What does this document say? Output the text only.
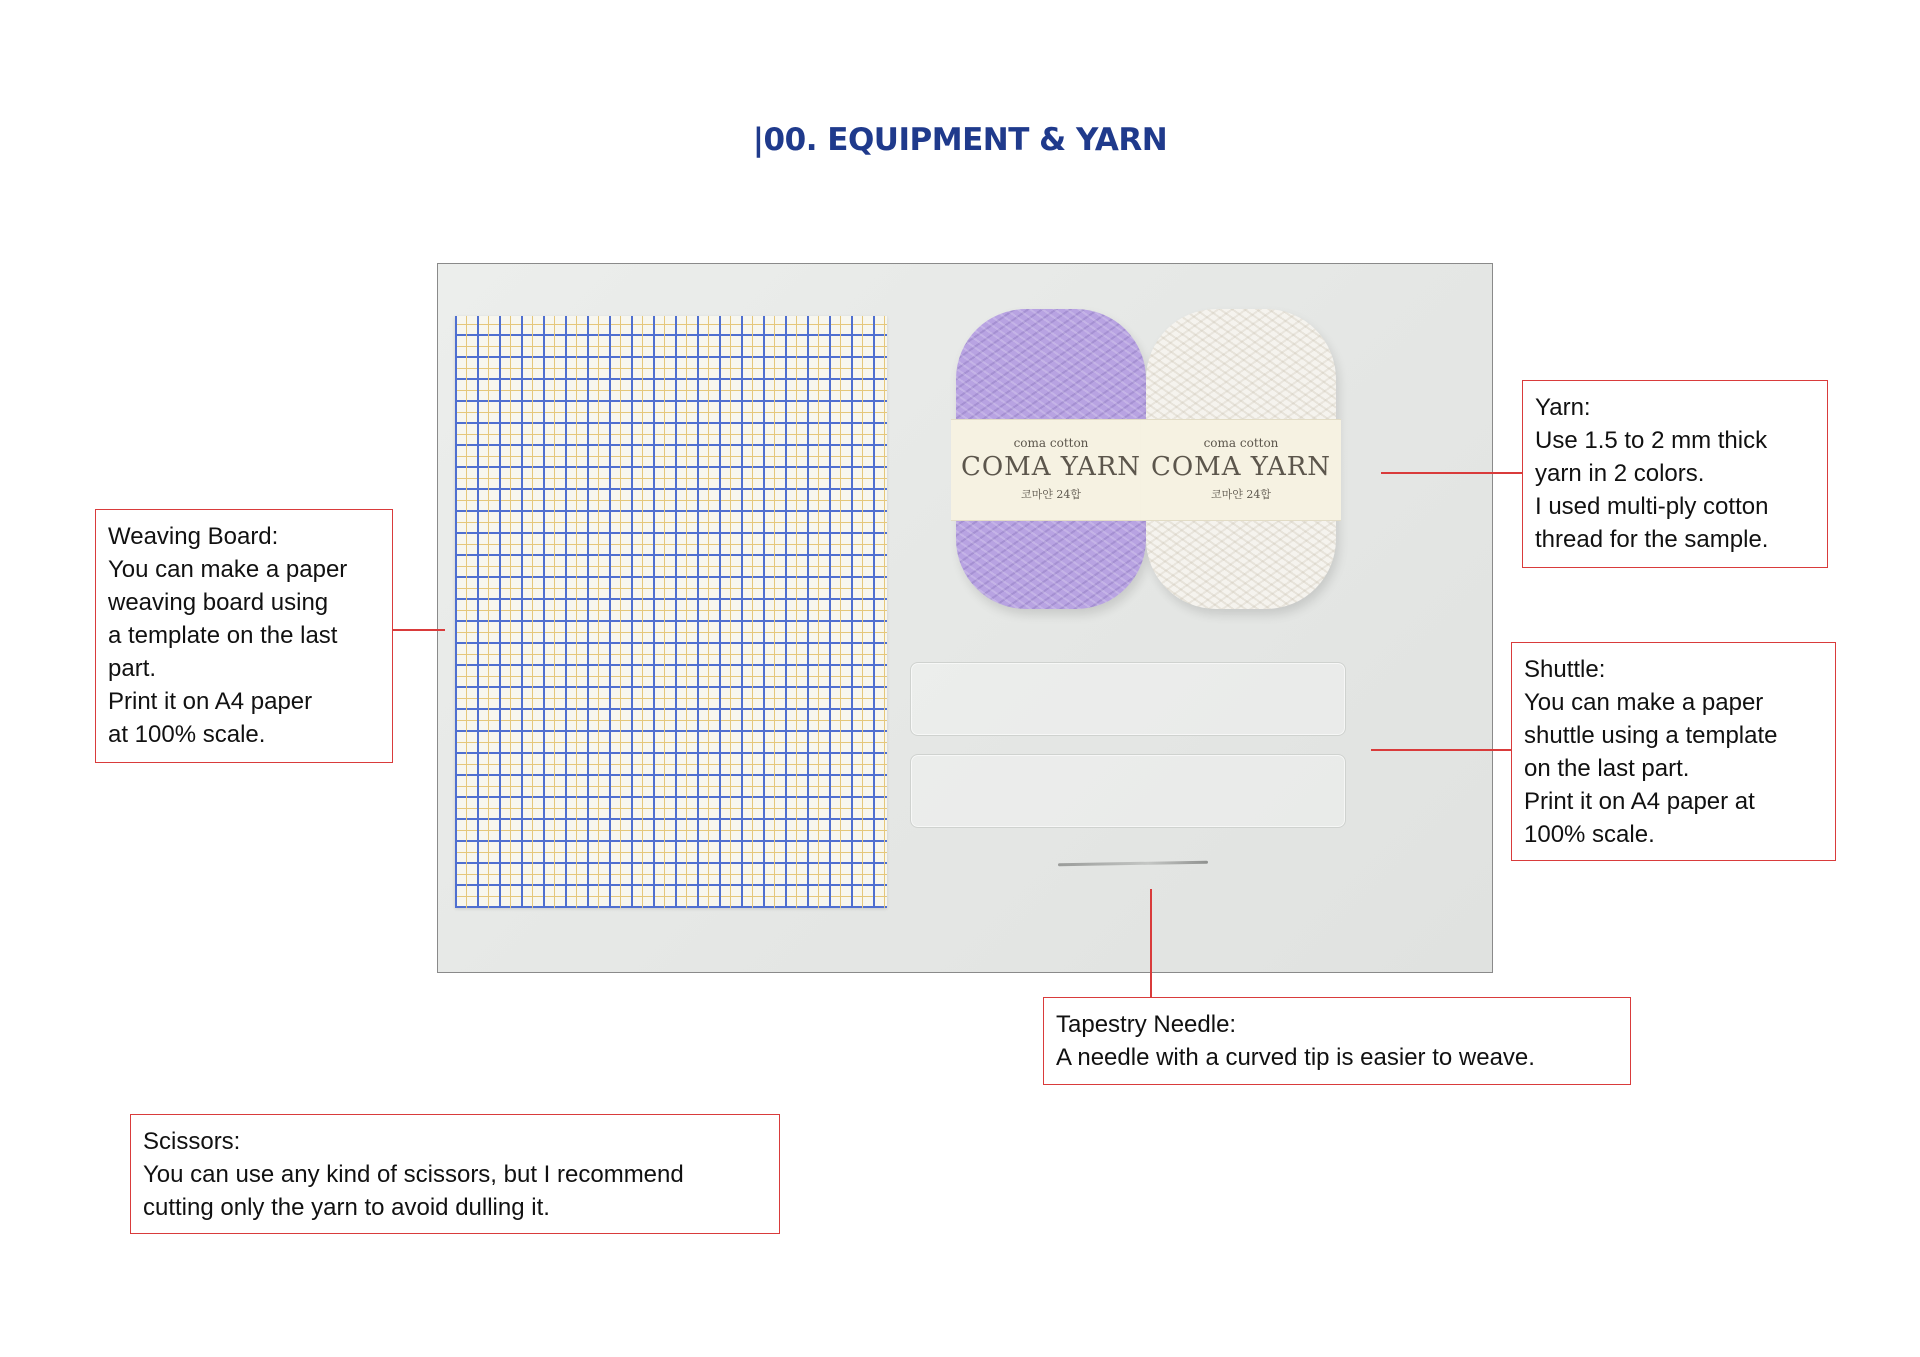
|00. EQUIPMENT & YARN
coma cotton
COMA YARN
코마얀 24합
coma cotton
COMA YARN
코마얀 24합
Weaving Board:
You can make a paper
weaving board using
a template on the last
part.
Print it on A4 paper
at 100% scale.
Yarn:
Use 1.5 to 2 mm thick
yarn in 2 colors.
I used multi-ply cotton
thread for the sample.
Shuttle:
You can make a paper
shuttle using a template
on the last part.
Print it on A4 paper at
100% scale.
Tapestry Needle:
A needle with a curved tip is easier to weave.
Scissors:
You can use any kind of scissors, but I recommend
cutting only the yarn to avoid dulling it.
